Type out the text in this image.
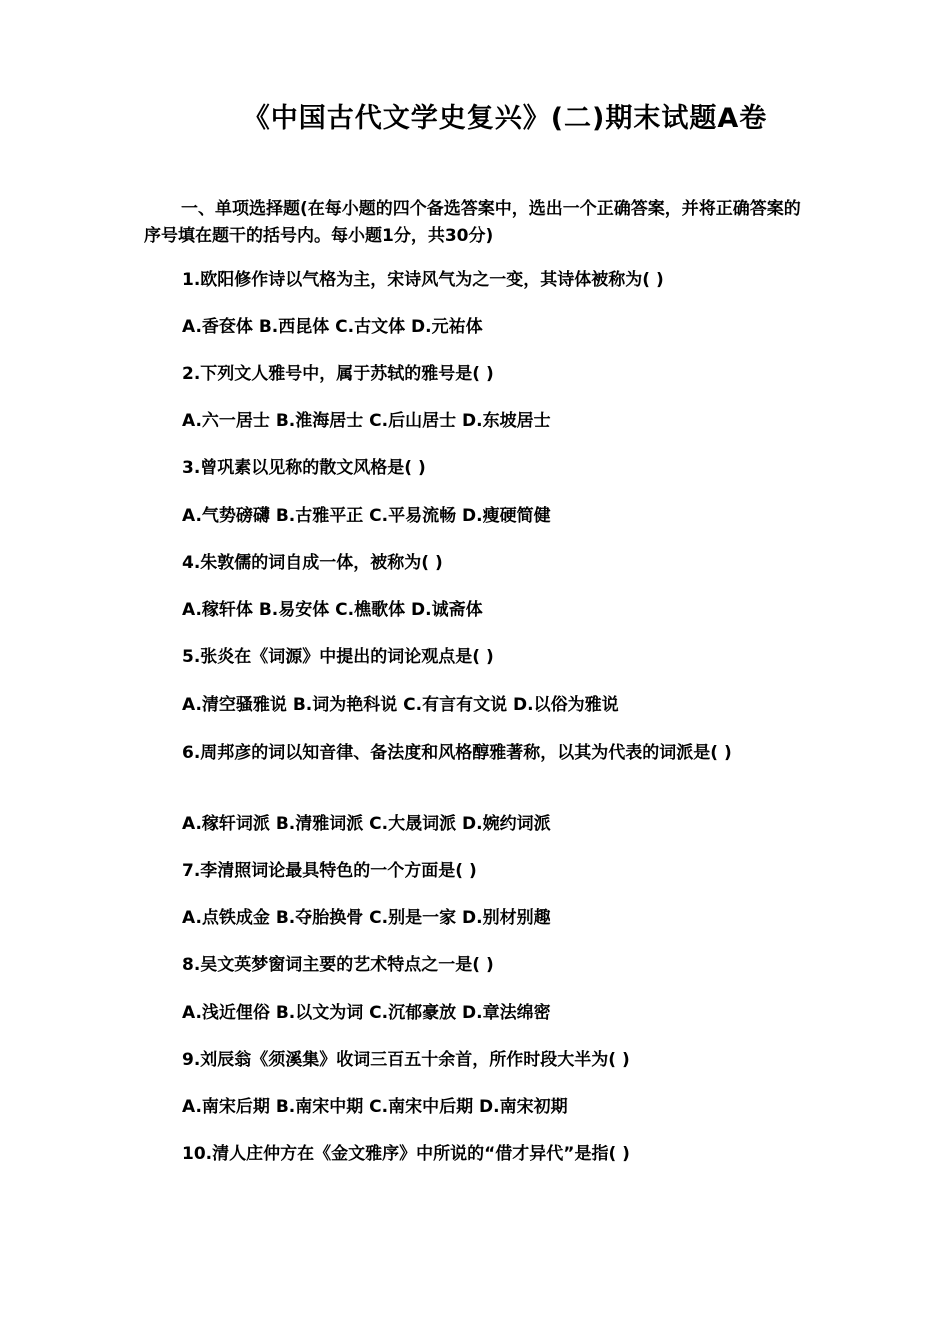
《中国古代文学史复兴》(二)期末试题A卷
一、单项选择题(在每小题的四个备选答案中，选出一个正确答案，并将正确答案的序号填在题干的括号内。每小题1分，共30分)
1.欧阳修作诗以气格为主，宋诗风气为之一变，其诗体被称为( )
A.香奁体 B.西昆体 C.古文体 D.元祐体
2.下列文人雅号中，属于苏轼的雅号是( )
A.六一居士 B.淮海居士 C.后山居士 D.东坡居士
3.曾巩素以见称的散文风格是( )
A.气势磅礴 B.古雅平正 C.平易流畅 D.瘦硬简健
4.朱敦儒的词自成一体，被称为( )
A.稼轩体 B.易安体 C.樵歌体 D.诚斋体
5.张炎在《词源》中提出的词论观点是( )
A.清空骚雅说 B.词为艳科说 C.有言有文说 D.以俗为雅说
6.周邦彦的词以知音律、备法度和风格醇雅著称，以其为代表的词派是( )
A.稼轩词派 B.清雅词派 C.大晟词派 D.婉约词派
7.李清照词论最具特色的一个方面是( )
A.点铁成金 B.夺胎换骨 C.别是一家 D.别材别趣
8.吴文英梦窗词主要的艺术特点之一是( )
A.浅近俚俗 B.以文为词 C.沉郁豪放 D.章法绵密
9.刘辰翁《须溪集》收词三百五十余首，所作时段大半为( )
A.南宋后期 B.南宋中期 C.南宋中后期 D.南宋初期
10.清人庄仲方在《金文雅序》中所说的“借才异代”是指( )
